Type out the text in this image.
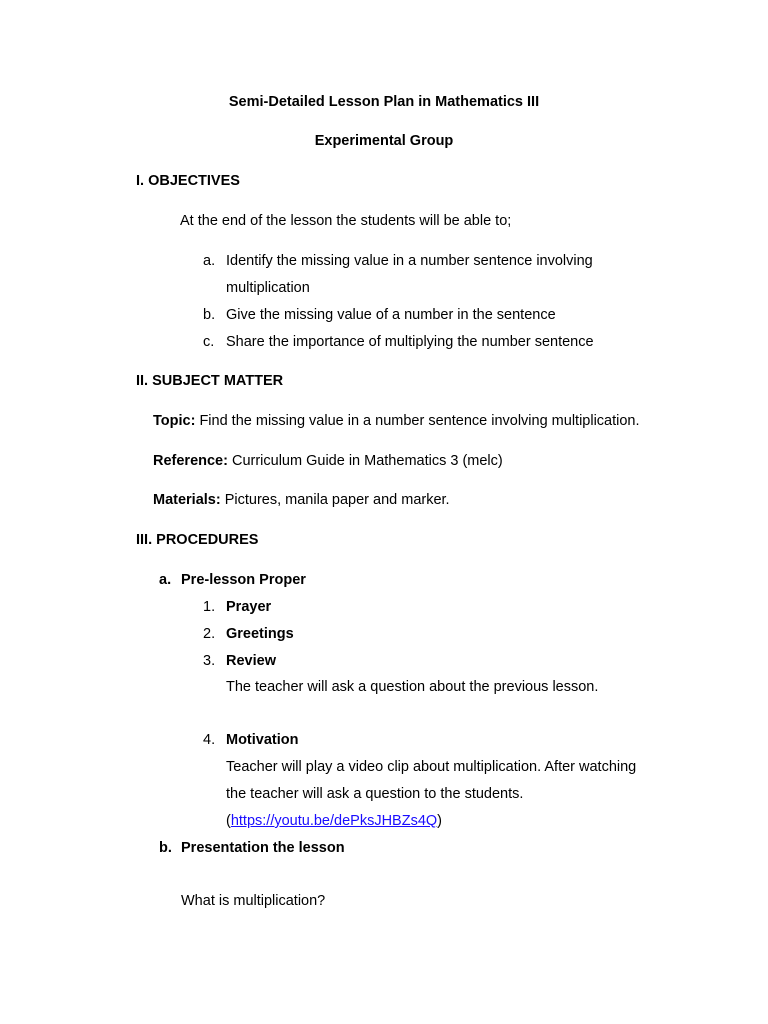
Semi-Detailed Lesson Plan in Mathematics III
Experimental Group
I. OBJECTIVES
At the end of the lesson the students will be able to;
a. Identify the missing value in a number sentence involving
multiplication
b. Give the missing value of a number in the sentence
c. Share the importance of multiplying the number sentence
II. SUBJECT MATTER
Topic: Find the missing value in a number sentence involving multiplication.
Reference: Curriculum Guide in Mathematics 3 (melc)
Materials: Pictures, manila paper and marker.
III. PROCEDURES
a. Pre-lesson Proper
1. Prayer
2. Greetings
3. Review
The teacher will ask a question about the previous lesson.
4. Motivation
Teacher will play a video clip about multiplication. After watching
the teacher will ask a question to the students.
(https://youtu.be/dePksJHBZs4Q)
b. Presentation the lesson
What is multiplication?
